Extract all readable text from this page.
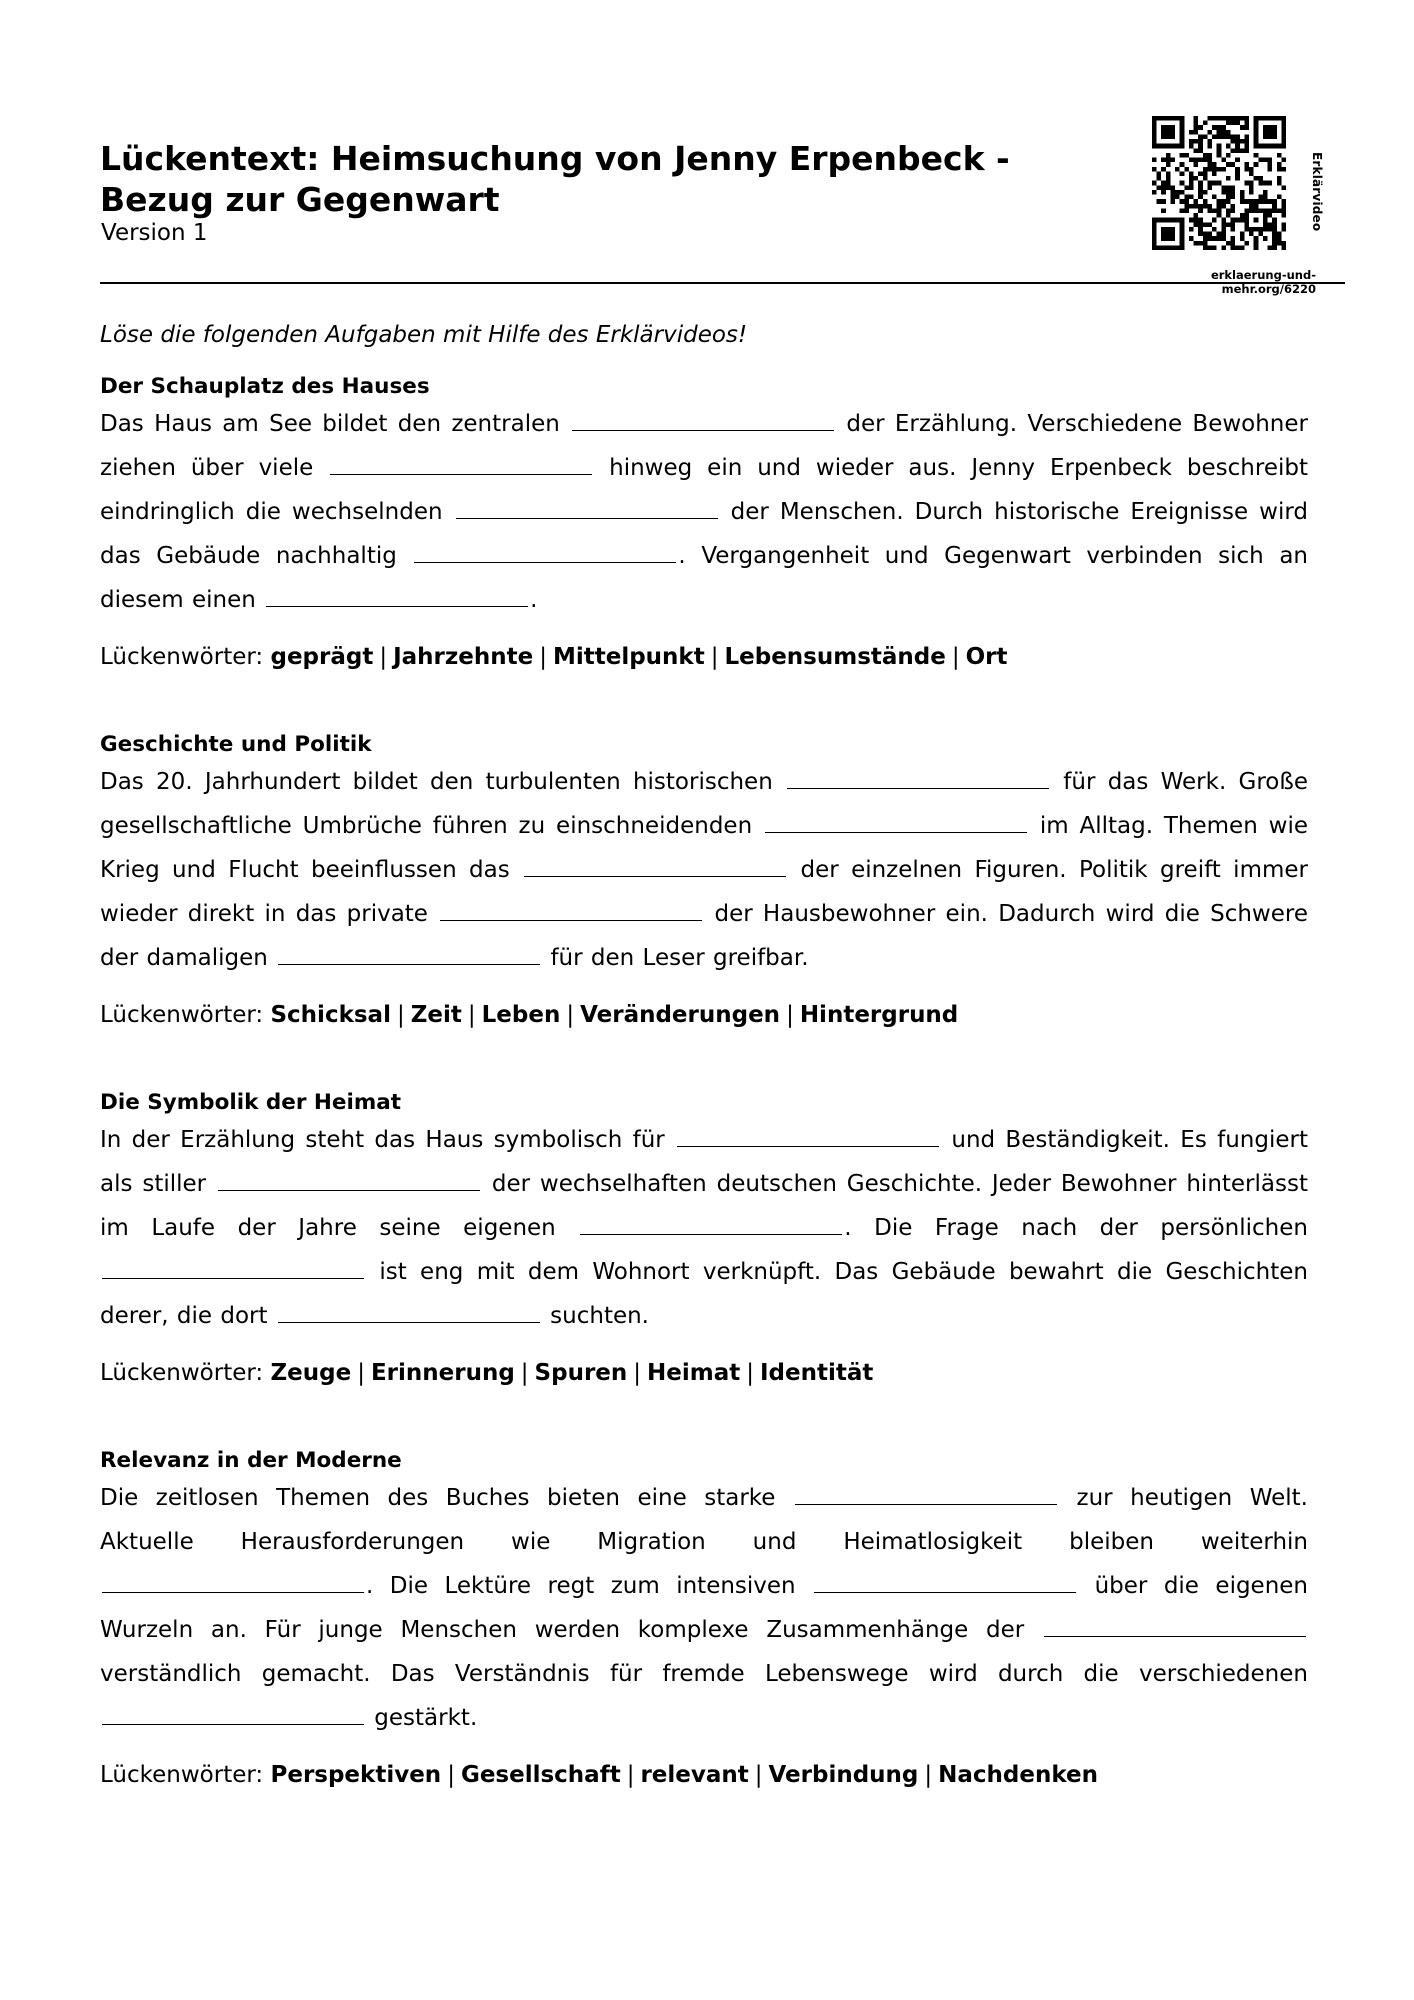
Lückentext: Heimsuchung von Jenny Erpenbeck - Bezug zur Gegenwart
Version 1
Erklärvideo
erklaerung-und-mehr.org/6220
Löse die folgenden Aufgaben mit Hilfe des Erklärvideos!
Der Schauplatz des Hauses

Das Haus am See bildet den zentralen	der Erzählung. Verschiedene Bewohner ziehen über viele	hinweg ein und wieder aus. Jenny Erpenbeck beschreibt eindringlich die wechselnden	der Menschen. Durch historische Ereignisse wird das Gebäude nachhaltig	. Vergangenheit und Gegenwart verbinden sich an diesem einen	.

Lückenwörter: geprägt | Jahrzehnte | Mittelpunkt | Lebensumstände | Ort
Geschichte und Politik

Das 20. Jahrhundert bildet den turbulenten historischen	für das Werk. Große gesellschaftliche Umbrüche führen zu einschneidenden	im Alltag. Themen wie Krieg und Flucht beeinflussen das	der einzelnen Figuren. Politik greift immer wieder direkt in das private	der Hausbewohner ein. Dadurch wird die Schwere der damaligen	für den Leser greifbar.

Lückenwörter: Schicksal | Zeit | Leben | Veränderungen | Hintergrund
Die Symbolik der Heimat

In der Erzählung steht das Haus symbolisch für	und Beständigkeit. Es fungiert als stiller	der wechselhaften deutschen Geschichte. Jeder Bewohner hinterlässt im Laufe der Jahre seine eigenen	. Die Frage nach der persönlichen  ist eng mit dem Wohnort verknüpft. Das Gebäude bewahrt die Geschichten derer, die dort	suchten.

Lückenwörter: Zeuge | Erinnerung | Spuren | Heimat | Identität
Relevanz in der Moderne

Die zeitlosen Themen des Buches bieten eine starke	zur heutigen Welt. Aktuelle Herausforderungen wie Migration und Heimatlosigkeit bleiben weiterhin . Die Lektüre regt zum intensiven	über die eigenen Wurzeln an. Für junge Menschen werden komplexe Zusammenhänge der  verständlich gemacht. Das Verständnis für fremde Lebenswege wird durch die verschiedenen  gestärkt.

Lückenwörter: Perspektiven | Gesellschaft | relevant | Verbindung | Nachdenken
